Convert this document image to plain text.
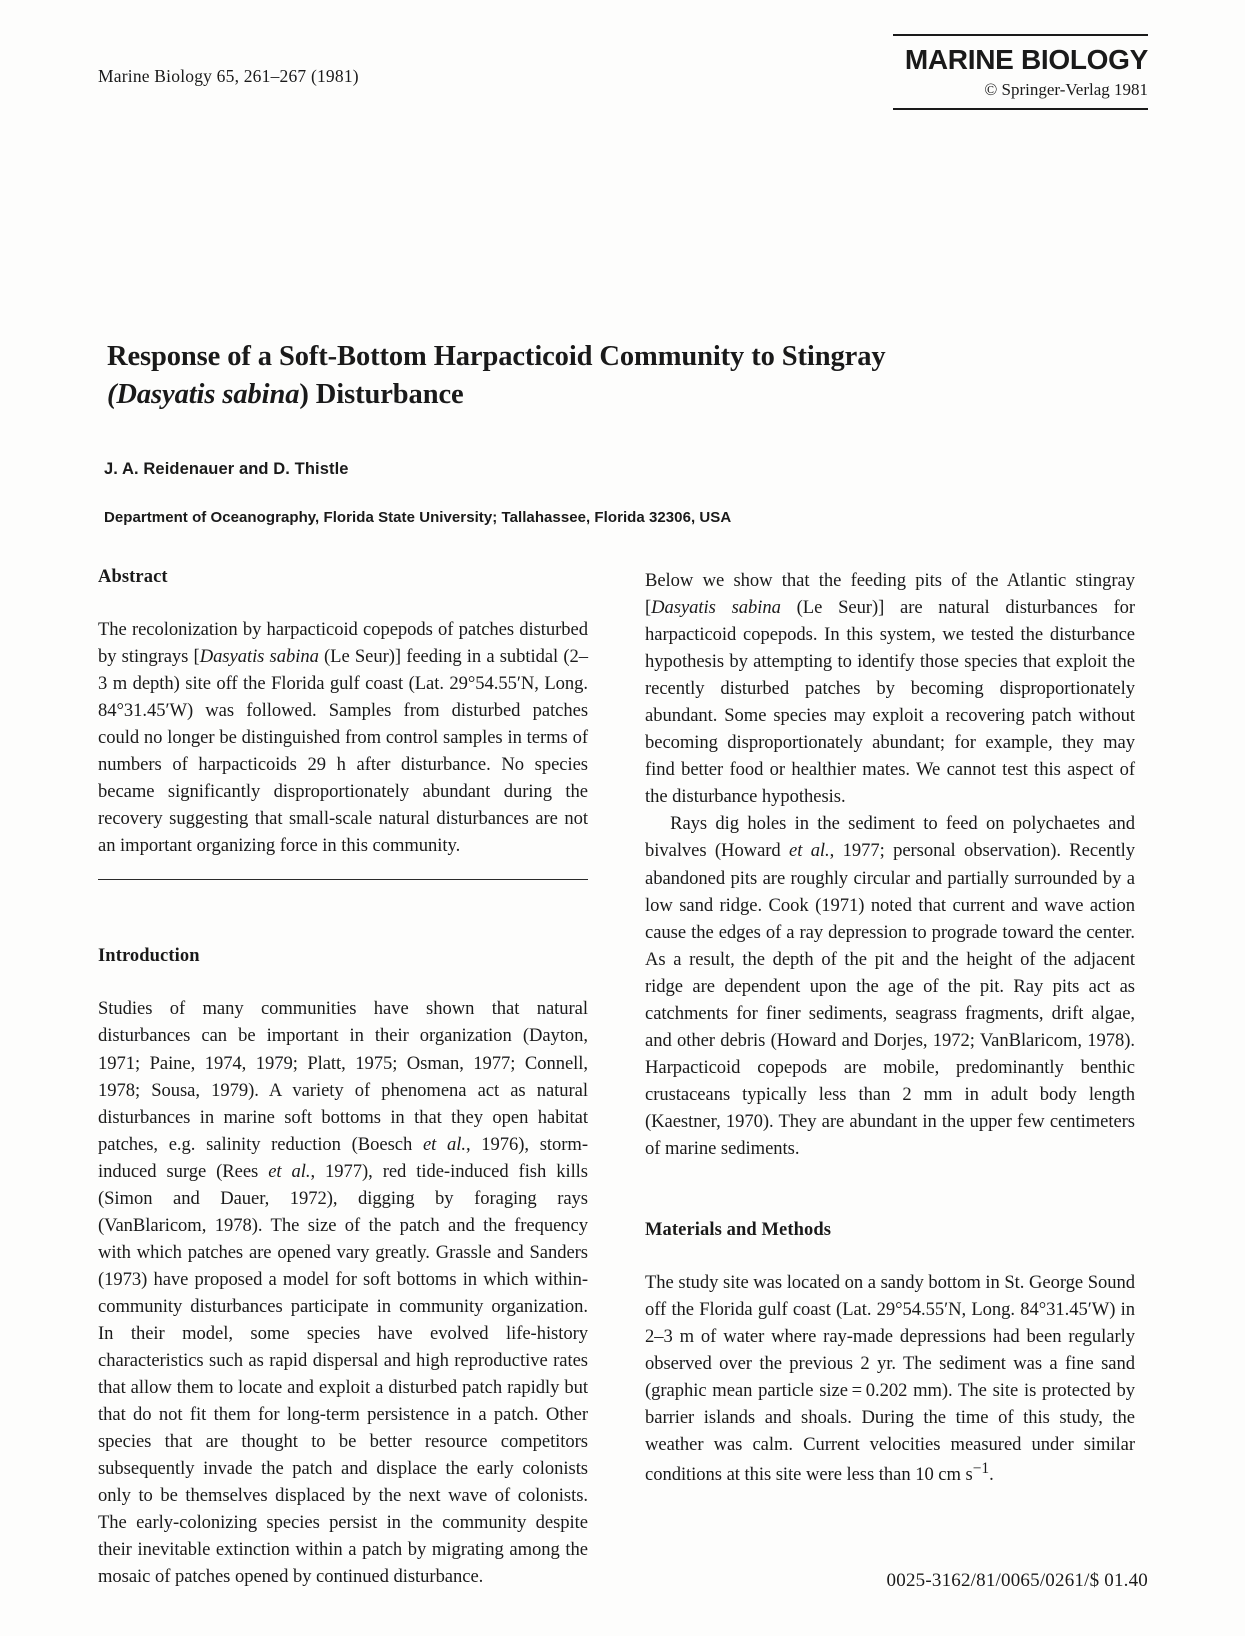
Marine Biology 65, 261–267 (1981)
MARINE BIOLOGY
© Springer-Verlag 1981
Response of a Soft-Bottom Harpacticoid Community to Stingray
(Dasyatis sabina) Disturbance
J. A. Reidenauer and D. Thistle
Department of Oceanography, Florida State University; Tallahassee, Florida 32306, USA
Abstract

The recolonization by harpacticoid copepods of patches disturbed by stingrays [Dasyatis sabina (Le Seur)] feeding in a subtidal (2–3 m depth) site off the Florida gulf coast (Lat. 29°54.55′N, Long. 84°31.45′W) was followed. Samples from disturbed patches could no longer be distinguished from control samples in terms of numbers of harpacticoids 29 h after disturbance. No species became significantly disproportionately abundant during the recovery suggesting that small-scale natural disturbances are not an important organizing force in this community.

Introduction

Studies of many communities have shown that natural disturbances can be important in their organization (Dayton, 1971; Paine, 1974, 1979; Platt, 1975; Osman, 1977; Connell, 1978; Sousa, 1979). A variety of phenomena act as natural disturbances in marine soft bottoms in that they open habitat patches, e.g. salinity reduction (Boesch et al., 1976), storm-induced surge (Rees et al., 1977), red tide-induced fish kills (Simon and Dauer, 1972), digging by foraging rays (VanBlaricom, 1978). The size of the patch and the frequency with which patches are opened vary greatly. Grassle and Sanders (1973) have proposed a model for soft bottoms in which within-community disturbances participate in community organization. In their model, some species have evolved life-history characteristics such as rapid dispersal and high reproductive rates that allow them to locate and exploit a disturbed patch rapidly but that do not fit them for long-term persistence in a patch. Other species that are thought to be better resource competitors subsequently invade the patch and displace the early colonists only to be themselves displaced by the next wave of colonists. The early-colonizing species persist in the community despite their inevitable extinction within a patch by migrating among the mosaic of patches opened by continued disturbance.

Below we show that the feeding pits of the Atlantic stingray [Dasyatis sabina (Le Seur)] are natural disturbances for harpacticoid copepods. In this system, we tested the disturbance hypothesis by attempting to identify those species that exploit the recently disturbed patches by becoming disproportionately abundant. Some species may exploit a recovering patch without becoming disproportionately abundant; for example, they may find better food or healthier mates. We cannot test this aspect of the disturbance hypothesis.

Rays dig holes in the sediment to feed on polychaetes and bivalves (Howard et al., 1977; personal observation). Recently abandoned pits are roughly circular and partially surrounded by a low sand ridge. Cook (1971) noted that current and wave action cause the edges of a ray depression to prograde toward the center. As a result, the depth of the pit and the height of the adjacent ridge are dependent upon the age of the pit. Ray pits act as catchments for finer sediments, seagrass fragments, drift algae, and other debris (Howard and Dorjes, 1972; VanBlaricom, 1978). Harpacticoid copepods are mobile, predominantly benthic crustaceans typically less than 2 mm in adult body length (Kaestner, 1970). They are abundant in the upper few centimeters of marine sediments.

Materials and Methods

The study site was located on a sandy bottom in St. George Sound off the Florida gulf coast (Lat. 29°54.55′N, Long. 84°31.45′W) in 2–3 m of water where ray-made depressions had been regularly observed over the previous 2 yr. The sediment was a fine sand (graphic mean particle size = 0.202 mm). The site is protected by barrier islands and shoals. During the time of this study, the weather was calm. Current velocities measured under similar conditions at this site were less than 10 cm $s^{-1}$.

0025-3162/81/0065/0261/$ 01.40
